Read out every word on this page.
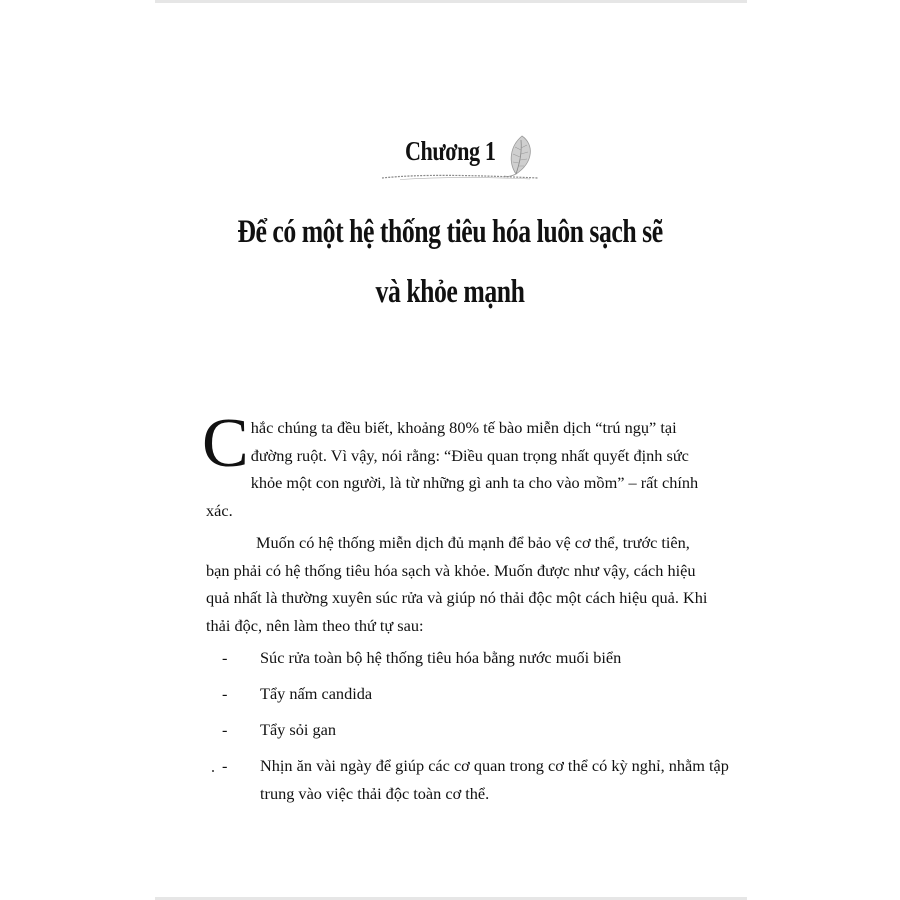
Chương 1
Để có một hệ thống tiêu hóa luôn sạch sẽ
và khỏe mạnh
Chắc chúng ta đều biết, khoảng 80% tế bào miễn dịch “trú ngụ” tại đường ruột. Vì vậy, nói rằng: “Điều quan trọng nhất quyết định sức khỏe một con người, là từ những gì anh ta cho vào mồm” – rất chính xác.
Muốn có hệ thống miễn dịch đủ mạnh để bảo vệ cơ thể, trước tiên, bạn phải có hệ thống tiêu hóa sạch và khỏe. Muốn được như vậy, cách hiệu quả nhất là thường xuyên súc rửa và giúp nó thải độc một cách hiệu quả. Khi thải độc, nên làm theo thứ tự sau:
- Súc rửa toàn bộ hệ thống tiêu hóa bằng nước muối biển
- Tẩy nấm candida
- Tẩy sỏi gan
- Nhịn ăn vài ngày để giúp các cơ quan trong cơ thể có kỳ nghỉ, nhằm tập trung vào việc thải độc toàn cơ thể.
